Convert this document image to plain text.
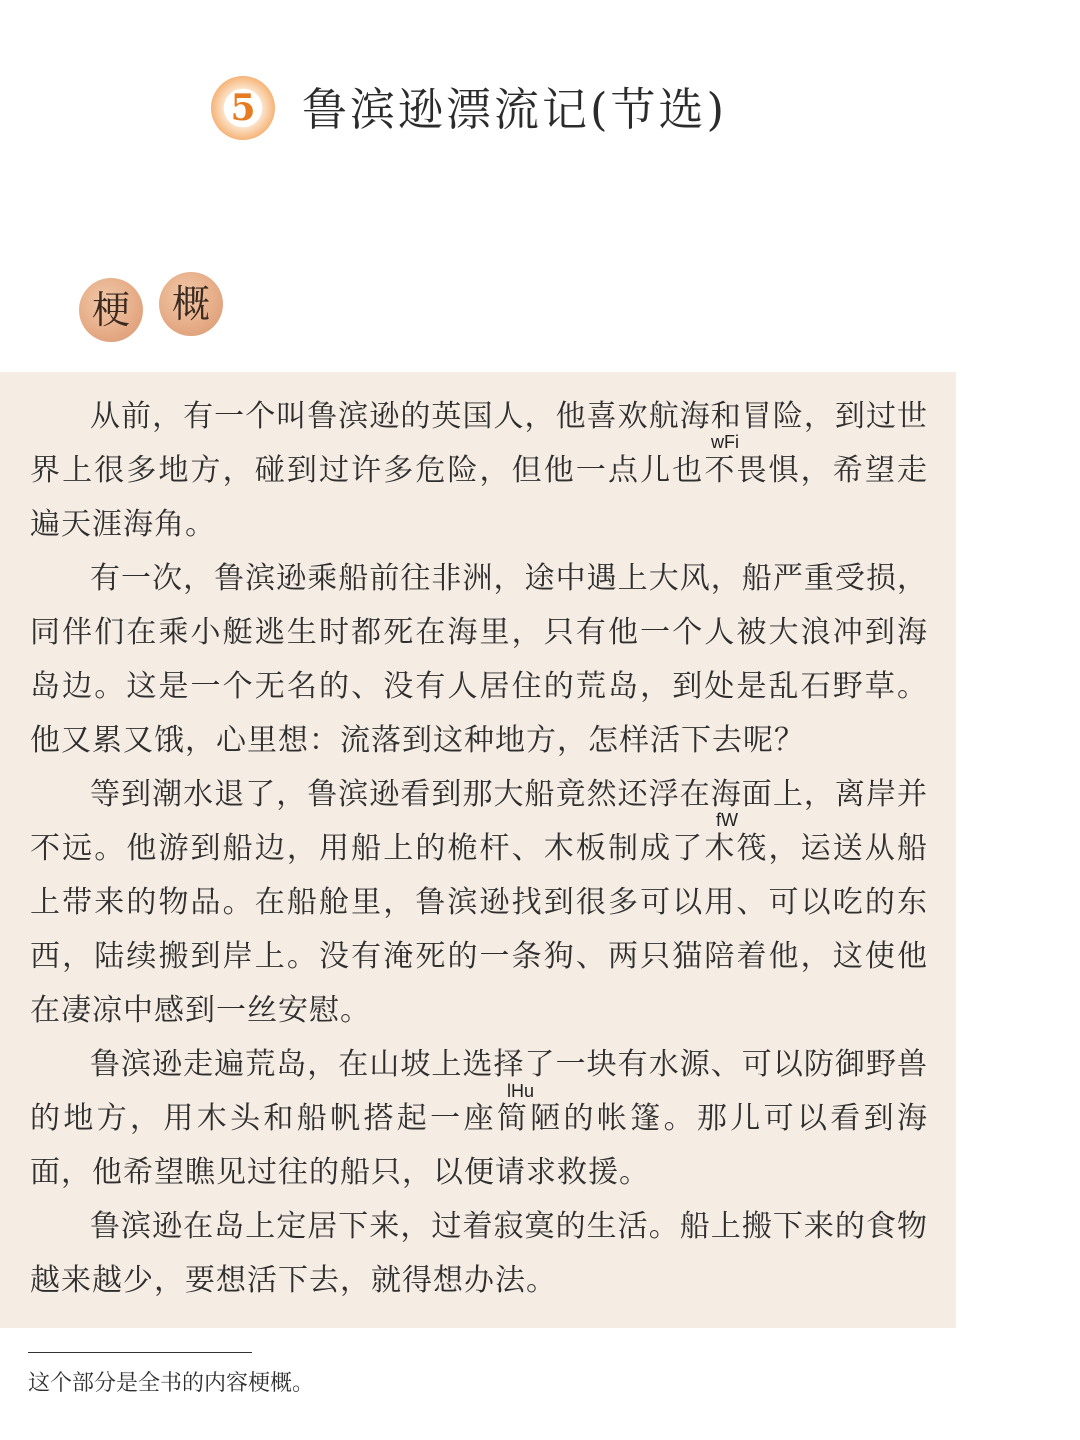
5 鲁滨逊漂流记(节选)
梗	概

从前，有一个叫鲁滨逊的英国人，他喜欢航海和冒险，到过世界上很多地方，碰到过许多危险，但他一点儿也不畏惧，希望走遍天涯海角。

有一次，鲁滨逊乘船前往非洲，途中遇上大风，船严重受损，同伴们在乘小艇逃生时都死在海里，只有他一个人被大浪冲到海岛边。这是一个无名的、没有人居住的荒岛，到处是乱石野草。他又累又饿，心里想：流落到这种地方，怎样活下去呢？

等到潮水退了，鲁滨逊看到那大船竟然还浮在海面上，离岸并不远。他游到船边，用船上的桅杆、木板制成了木筏，运送从船上带来的物品。在船舱里，鲁滨逊找到很多可以用、可以吃的东西，陆续搬到岸上。没有淹死的一条狗、两只猫陪着他，这使他在凄凉中感到一丝安慰。

鲁滨逊走遍荒岛，在山坡上选择了一块有水源、可以防御野兽的地方，用木头和船帆搭起一座简陋的帐篷。那儿可以看到海面，他希望瞧见过往的船只，以便请求救援。

鲁滨逊在岛上定居下来，过着寂寞的生活。船上搬下来的食物越来越少，要想活下去，就得想办法。

wFi
fW
lHu
这个部分是全书的内容梗概。
